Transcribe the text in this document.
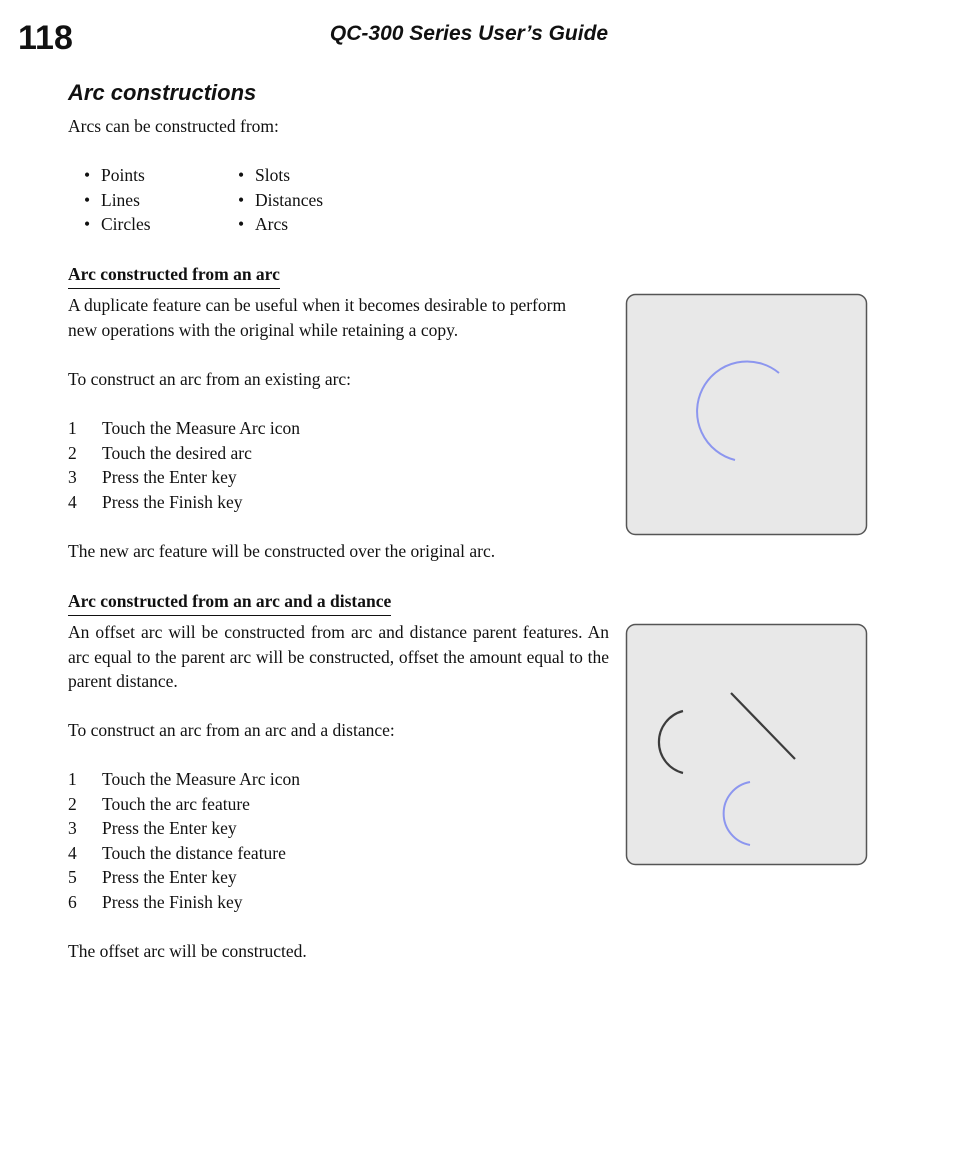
118	QC-300 Series User’s Guide
Arc constructions

Arcs can be constructed from:

• Points
• Lines
• Circles
• Slots
• Distances
• Arcs
Arc constructed from an arc

A duplicate feature can be useful when it becomes desirable to perform

new operations with the original while retaining a copy.

To construct an arc from an existing arc:

1 Touch the Measure Arc icon
2 Touch the desired arc
3 Press the Enter key
4 Press the Finish key

The new arc feature will be constructed over the original arc.

Arc constructed from an arc and a distance

An offset arc will be constructed from arc and distance parent features. An arc equal to the parent arc will be constructed, offset the amount equal to the parent distance.

To construct an arc from an arc and a distance:

1 Touch the Measure Arc icon
2 Touch the arc feature
3 Press the Enter key
4 Touch the distance feature
5 Press the Enter key
6 Press the Finish key

The offset arc will be constructed.
